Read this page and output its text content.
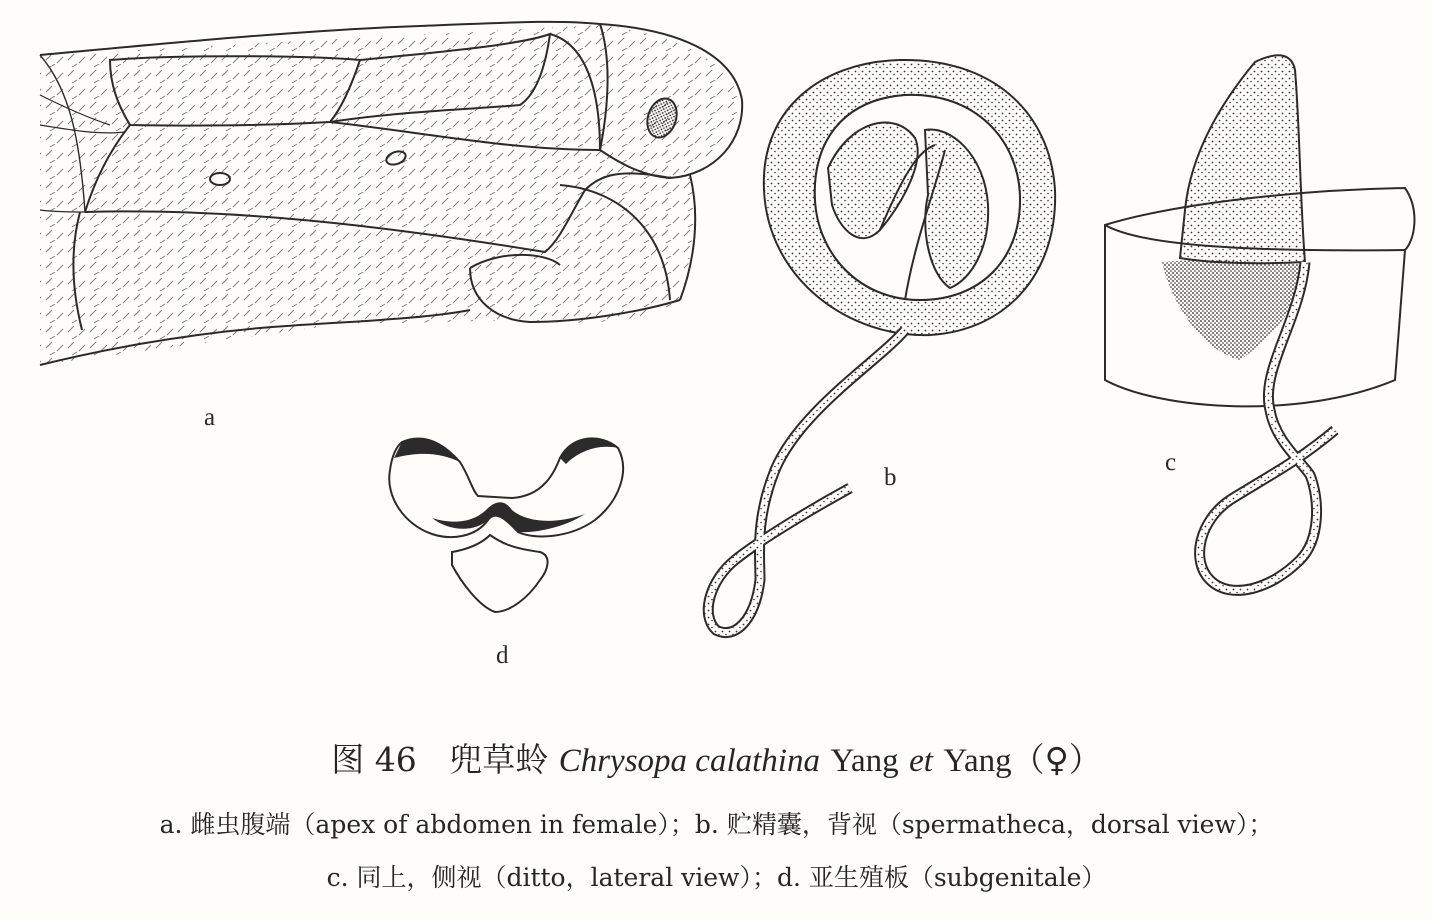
a
b
c
d
图 46 兜草蛉 Chrysopa calathina Yang et Yang（♀）
a. 雌虫腹端（apex of abdomen in female）；b. 贮精囊，背视（spermatheca，dorsal view）；
c. 同上，侧视（ditto，lateral view）；d. 亚生殖板（subgenitale）
